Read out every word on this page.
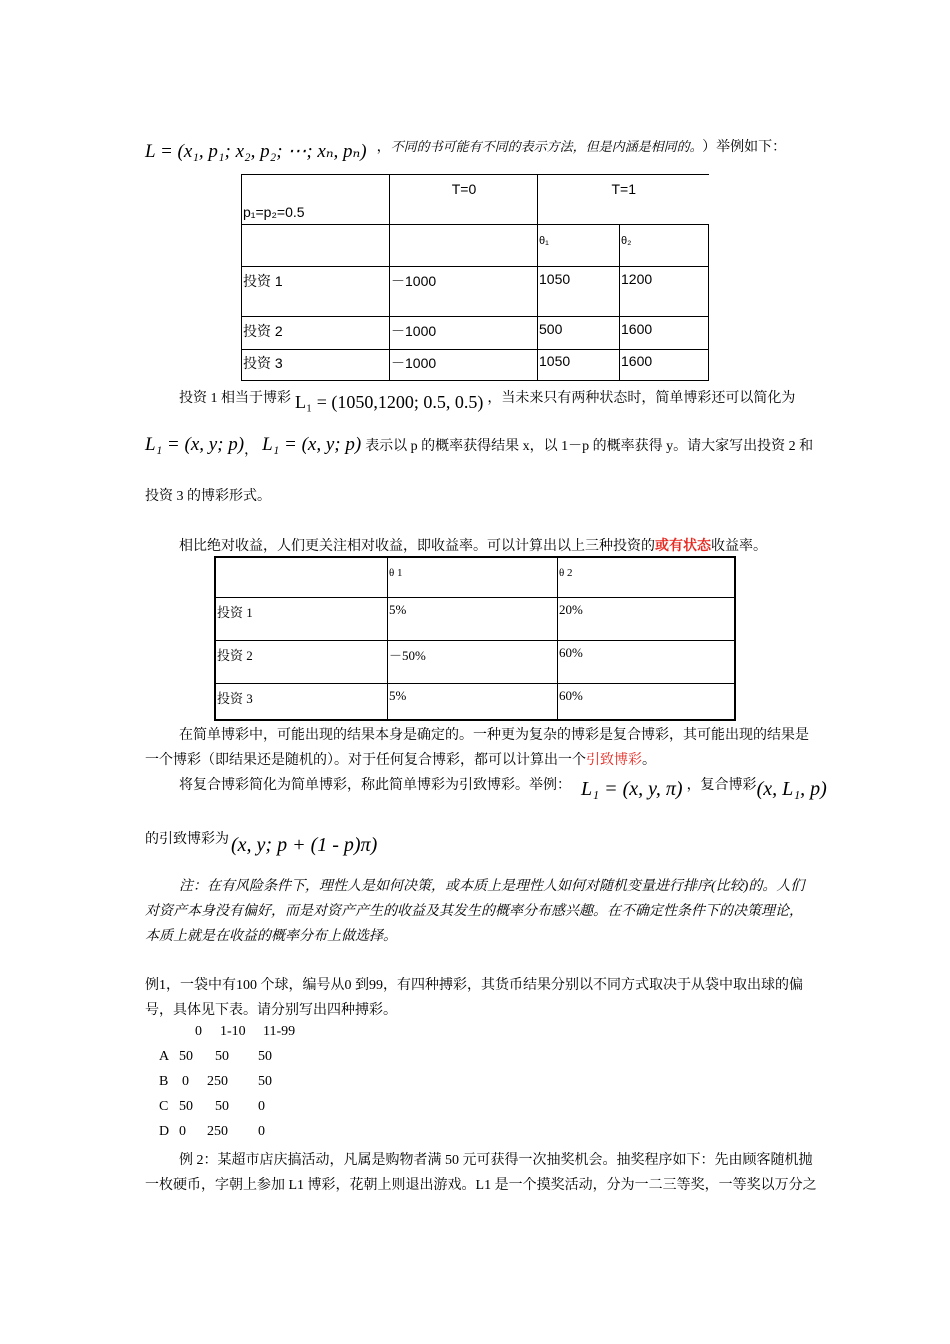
L = (x₁, p₁; x₂, p₂; ⋯; xₙ, pₙ) ，不同的书可能有不同的表示方法，但是内涵是相同的。 ）举例如下：
p₁=p₂=0.5	T=0	T=1	
		θ₁	θ₂
投资 1	－1000	1050	1200
投资 2	－1000	500	1600
投资 3	－1000	1050	1600
投资 1 相当于博彩 L₁ = (1050,1200; 0.5, 0.5) ，当未来只有两种状态时，简单博彩还可以简化为
L₁ = (x, y; p)， L₁ = (x, y; p) 表示以 p 的概率获得结果 x，以 1－p 的概率获得 y。请大家写出投资 2 和
投资 3 的博彩形式。
相比绝对收益，人们更关注相对收益，即收益率。可以计算出以上三种投资的或有状态收益率。
	θ 1	θ 2
投资 1	5%	20%
投资 2	－50%	60%
投资 3	5%	60%
在简单博彩中，可能出现的结果本身是确定的。一种更为复杂的博彩是复合博彩，其可能出现的结果是
一个博彩（即结果还是随机的）。对于任何复合博彩，都可以计算出一个引致博彩。
将复合博彩简化为简单博彩，称此简单博彩为引致博彩。举例： L₁ = (x, y, π) ，复合博彩(x, L₁, p)
的引致博彩为 (x, y; p + (1 - p)π)
注：在有风险条件下，理性人是如何决策，或本质上是理性人如何对随机变量进行排序(比较)的。人们
对资产本身没有偏好，而是对资产产生的收益及其发生的概率分布感兴趣。在不确定性条件下的决策理论，
本质上就是在收益的概率分布上做选择。
例1，一袋中有100 个球，编号从0 到99，有四种搏彩，其货币结果分别以不同方式取决于从袋中取出球的偏
号，具体见下表。请分别写出四种搏彩。
0 1-10 11-99
A 50 50 50
B 0 250 50
C 50 50 0
D 0 250 0
例 2：某超市店庆搞活动，凡属是购物者满 50 元可获得一次抽奖机会。抽奖程序如下：先由顾客随机抛
一枚硬币，字朝上参加 L1 博彩，花朝上则退出游戏。L1 是一个摸奖活动，分为一二三等奖，一等奖以万分之
